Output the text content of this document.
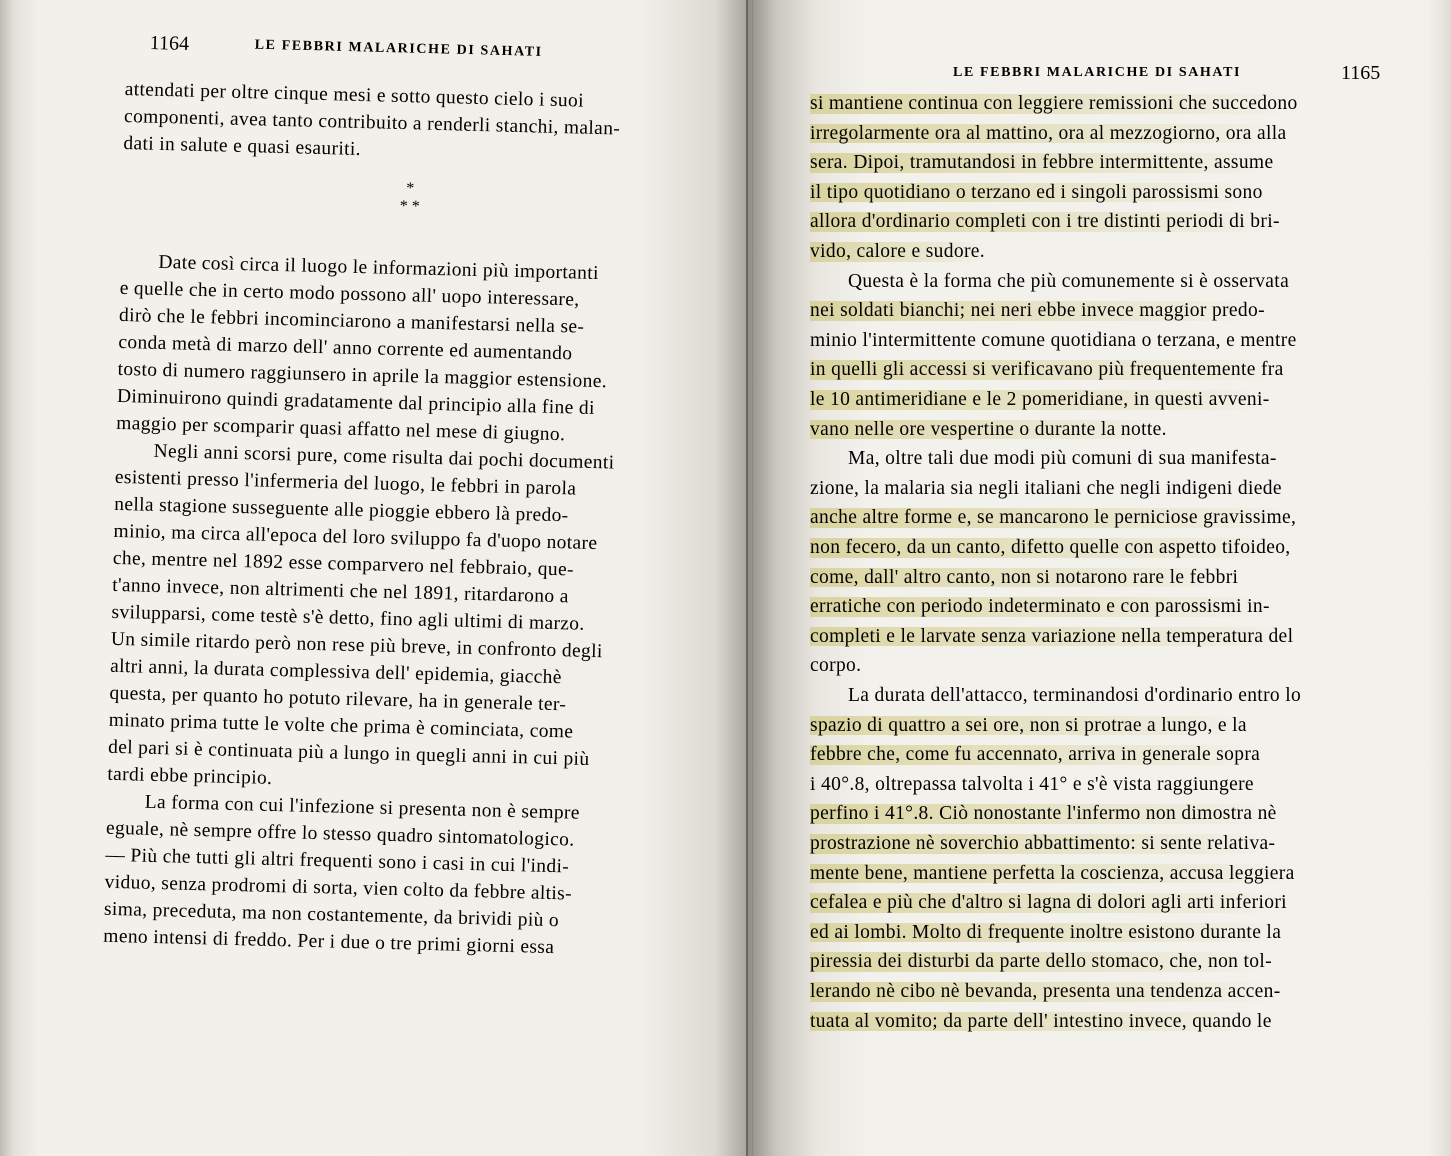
1164	LE FEBBRI MALARICHE DI SAHATI
*
* *
attendati per oltre cinque mesi e sotto questo cielo i suoi
componenti, avea tanto contribuito a renderli stanchi, malan-
dati in salute e quasi esauriti.
Date così circa il luogo le informazioni più importanti
e quelle che in certo modo possono all' uopo interessare,
dirò che le febbri incominciarono a manifestarsi nella se-
conda metà di marzo dell' anno corrente ed aumentando
tosto di numero raggiunsero in aprile la maggior estensione.
Diminuirono quindi gradatamente dal principio alla fine di
maggio per scomparir quasi affatto nel mese di giugno.
Negli anni scorsi pure, come risulta dai pochi documenti
esistenti presso l'infermeria del luogo, le febbri in parola
nella stagione susseguente alle pioggie ebbero là predo-
minio, ma circa all'epoca del loro sviluppo fa d'uopo notare
che, mentre nel 1892 esse comparvero nel febbraio, que-
t'anno invece, non altrimenti che nel 1891, ritardarono a
svilupparsi, come testè s'è detto, fino agli ultimi di marzo.
Un simile ritardo però non rese più breve, in confronto degli
altri anni, la durata complessiva dell' epidemia, giacchè
questa, per quanto ho potuto rilevare, ha in generale ter-
minato prima tutte le volte che prima è cominciata, come
del pari si è continuata più a lungo in quegli anni in cui più
tardi ebbe principio.
La forma con cui l'infezione si presenta non è sempre
eguale, nè sempre offre lo stesso quadro sintomatologico.
— Più che tutti gli altri frequenti sono i casi in cui l'indi-
viduo, senza prodromi di sorta, vien colto da febbre altis-
sima, preceduta, ma non costantemente, da brividi più o
meno intensi di freddo. Per i due o tre primi giorni essa
LE FEBBRI MALARICHE DI SAHATI	1165
si mantiene continua con leggiere remissioni che succedono
irregolarmente ora al mattino, ora al mezzogiorno, ora alla
sera. Dipoi, tramutandosi in febbre intermittente, assume
il tipo quotidiano o terzano ed i singoli parossismi sono
allora d'ordinario completi con i tre distinti periodi di bri-
vido, calore e sudore.
Questa è la forma che più comunemente si è osservata
nei soldati bianchi; nei neri ebbe invece maggior predo-
minio l'intermittente comune quotidiana o terzana, e mentre
in quelli gli accessi si verificavano più frequentemente fra
le 10 antimeridiane e le 2 pomeridiane, in questi avveni-
vano nelle ore vespertine o durante la notte.
Ma, oltre tali due modi più comuni di sua manifesta-
zione, la malaria sia negli italiani che negli indigeni diede
anche altre forme e, se mancarono le perniciose gravissime,
non fecero, da un canto, difetto quelle con aspetto tifoideo,
come, dall' altro canto, non si notarono rare le febbri
erratiche con periodo indeterminato e con parossismi in-
completi e le larvate senza variazione nella temperatura del
corpo.
La durata dell'attacco, terminandosi d'ordinario entro lo
spazio di quattro a sei ore, non si protrae a lungo, e la
febbre che, come fu accennato, arriva in generale sopra
i 40°.8, oltrepassa talvolta i 41° e s'è vista raggiungere
perfino i 41°.8. Ciò nonostante l'infermo non dimostra nè
prostrazione nè soverchio abbattimento: si sente relativa-
mente bene, mantiene perfetta la coscienza, accusa leggiera
cefalea e più che d'altro si lagna di dolori agli arti inferiori
ed ai lombi. Molto di frequente inoltre esistono durante la
piressia dei disturbi da parte dello stomaco, che, non tol-
lerando nè cibo nè bevanda, presenta una tendenza accen-
tuata al vomito; da parte dell' intestino invece, quando le
